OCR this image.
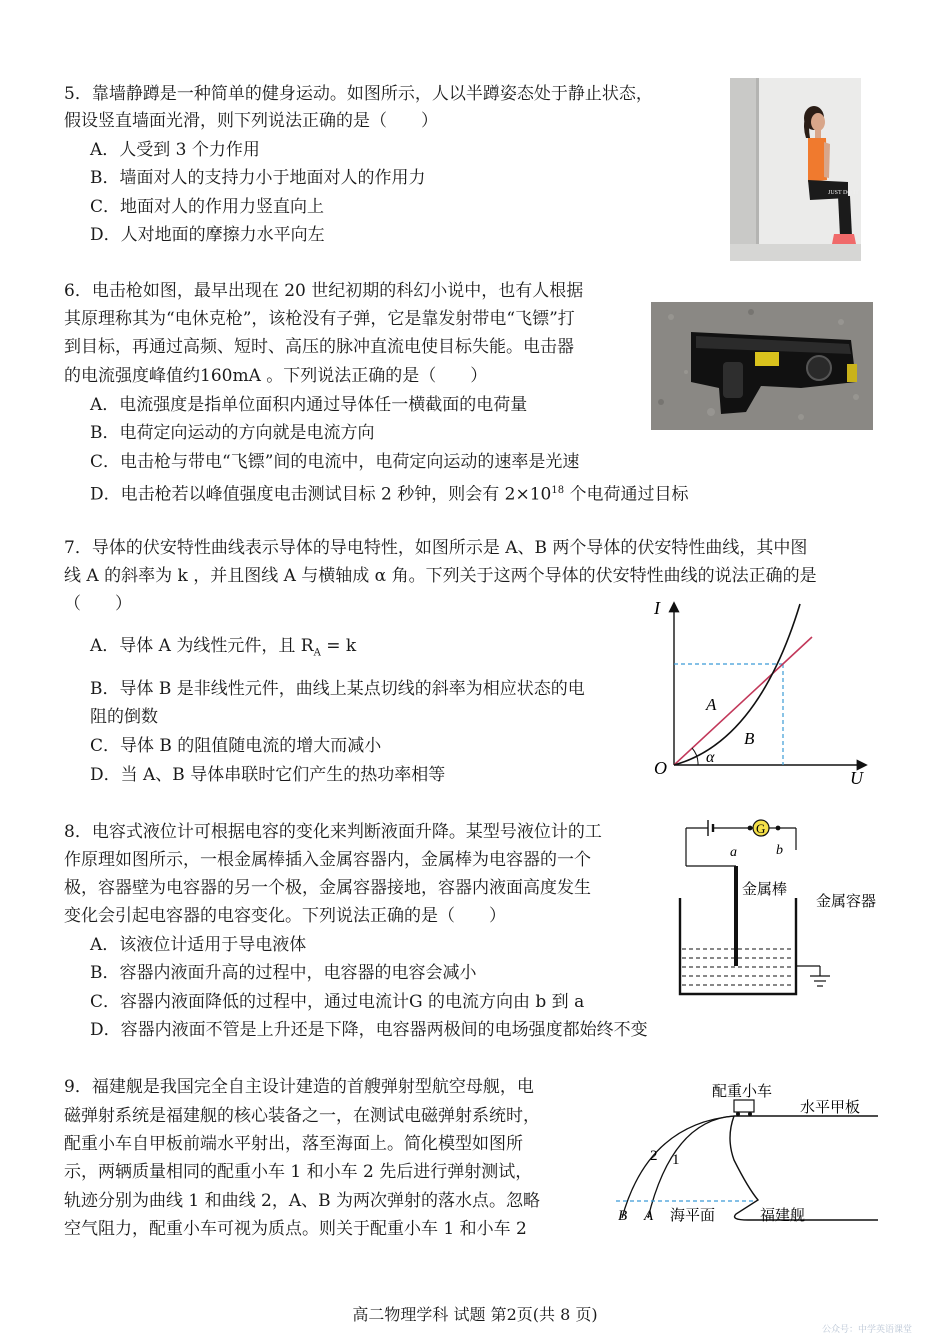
5．靠墙静蹲是一种简单的健身运动。如图所示，人以半蹲姿态处于静止状态，
假设竖直墙面光滑，则下列说法正确的是（　　）
A．人受到 3 个力作用
B．墙面对人的支持力小于地面对人的作用力
C．地面对人的作用力竖直向上
D．人对地面的摩擦力水平向左
JUST DO IT
6．电击枪如图，最早出现在 20 世纪初期的科幻小说中，也有人根据
其原理称其为“电休克枪”，该枪没有子弹，它是靠发射带电“飞镖”打
到目标，再通过高频、短时、高压的脉冲直流电使目标失能。电击器
的电流强度峰值约160mA 。下列说法正确的是（　　）
A．电流强度是指单位面积内通过导体任一横截面的电荷量
B．电荷定向运动的方向就是电流方向
C．电击枪与带电“飞镖”间的电流中，电荷定向运动的速率是光速
D．电击枪若以峰值强度电击测试目标 2 秒钟，则会有 $2\times 10^{18}$ 个电荷通过目标
7．导体的伏安特性曲线表示导体的导电特性，如图所示是 A、B 两个导体的伏安特性曲线，其中图
线 A 的斜率为 k ，并且图线 A 与横轴成 α 角。下列关于这两个导体的伏安特性曲线的说法正确的是
（　　）
A．导体 A 为线性元件，且 $R_A = k$
B．导体 B 是非线性元件，曲线上某点切线的斜率为相应状态的电
阻的倒数
C．导体 B 的阻值随电流的增大而减小
D．当 A、B 导体串联时它们产生的热功率相等
I
U
O
A
B
α
8．电容式液位计可根据电容的变化来判断液面升降。某型号液位计的工
作原理如图所示，一根金属棒插入金属容器内，金属棒为电容器的一个
极，容器壁为电容器的另一个极，金属容器接地，容器内液面高度发生
变化会引起电容器的电容变化。下列说法正确的是（　　）
A．该液位计适用于导电液体
B．容器内液面升高的过程中，电容器的电容会减小
C．容器内液面降低的过程中，通过电流计G 的电流方向由 b 到 a
D．容器内液面不管是上升还是下降，电容器两极间的电场强度都始终不变
G
a	b
金属棒
金属容器
9．福建舰是我国完全自主设计建造的首艘弹射型航空母舰，电
磁弹射系统是福建舰的核心装备之一，在测试电磁弹射系统时，
配重小车自甲板前端水平射出，落至海面上。简化模型如图所
示，两辆质量相同的配重小车 1 和小车 2 先后进行弹射测试，
轨迹分别为曲线 1 和曲线 2，A、B 为两次弹射的落水点。忽略
空气阻力，配重小车可视为质点。则关于配重小车 1 和小车 2
配重小车
水平甲板
2 1
B A 海平面	福建舰
高二物理学科 试题 第2页(共 8 页)
公众号：中学英语课堂
